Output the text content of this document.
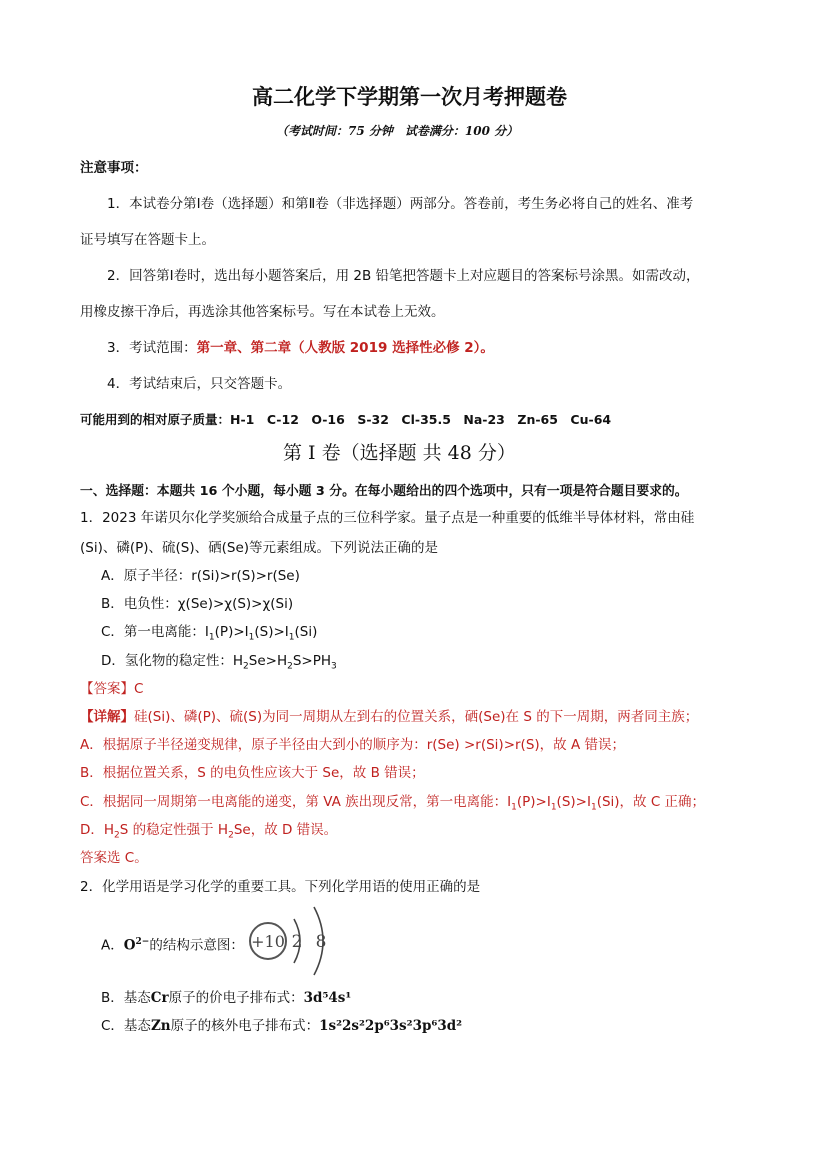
高二化学下学期第一次月考押题卷
（考试时间：75 分钟　试卷满分：100 分）
注意事项：
1．本试卷分第Ⅰ卷（选择题）和第Ⅱ卷（非选择题）两部分。答卷前，考生务必将自己的姓名、准考
证号填写在答题卡上。
2．回答第Ⅰ卷时，选出每小题答案后，用 2B 铅笔把答题卡上对应题目的答案标号涂黑。如需改动，
用橡皮擦干净后，再选涂其他答案标号。写在本试卷上无效。
3．考试范围：第一章、第二章（人教版 2019 选择性必修 2）。
4．考试结束后，只交答题卡。
可能用到的相对原子质量：H-1　C-12　O-16　S-32　Cl-35.5　Na-23　Zn-65　Cu-64
第 I 卷（选择题 共 48 分）
一、选择题：本题共 16 个小题，每小题 3 分。在每小题给出的四个选项中，只有一项是符合题目要求的。
1．2023 年诺贝尔化学奖颁给合成量子点的三位科学家。量子点是一种重要的低维半导体材料，常由硅
(Si)、磷(P)、硫(S)、硒(Se)等元素组成。下列说法正确的是
A．原子半径：r(Si)>r(S)>r(Se)
B．电负性：χ(Se)>χ(S)>χ(Si)
C．第一电离能：$I_1(P)>I_1(S)>I_1(Si)$
D．氢化物的稳定性：$H_2Se>H_2S>PH_3$
【答案】C
【详解】硅(Si)、磷(P)、硫(S)为同一周期从左到右的位置关系，硒(Se)在 S 的下一周期，两者同主族；
A．根据原子半径递变规律，原子半径由大到小的顺序为：r(Se) >r(Si)>r(S)，故 A 错误；
B．根据位置关系，S 的电负性应该大于 Se，故 B 错误；
C．根据同一周期第一电离能的递变，第 VA 族出现反常，第一电离能：$I_1(P)>I_1(S)>I_1(Si)$，故 C 正确；
D．$H_2S$ 的稳定性强于 $H_2Se$，故 D 错误。
答案选 C。
2．化学用语是学习化学的重要工具。下列化学用语的使用正确的是
A．$O^{2-}$的结构示意图： +10 2 8
B．基态Cr原子的价电子排布式：3d⁵4s¹
C．基态Zn原子的核外电子排布式：1s²2s²2p⁶3s²3p⁶3d²
